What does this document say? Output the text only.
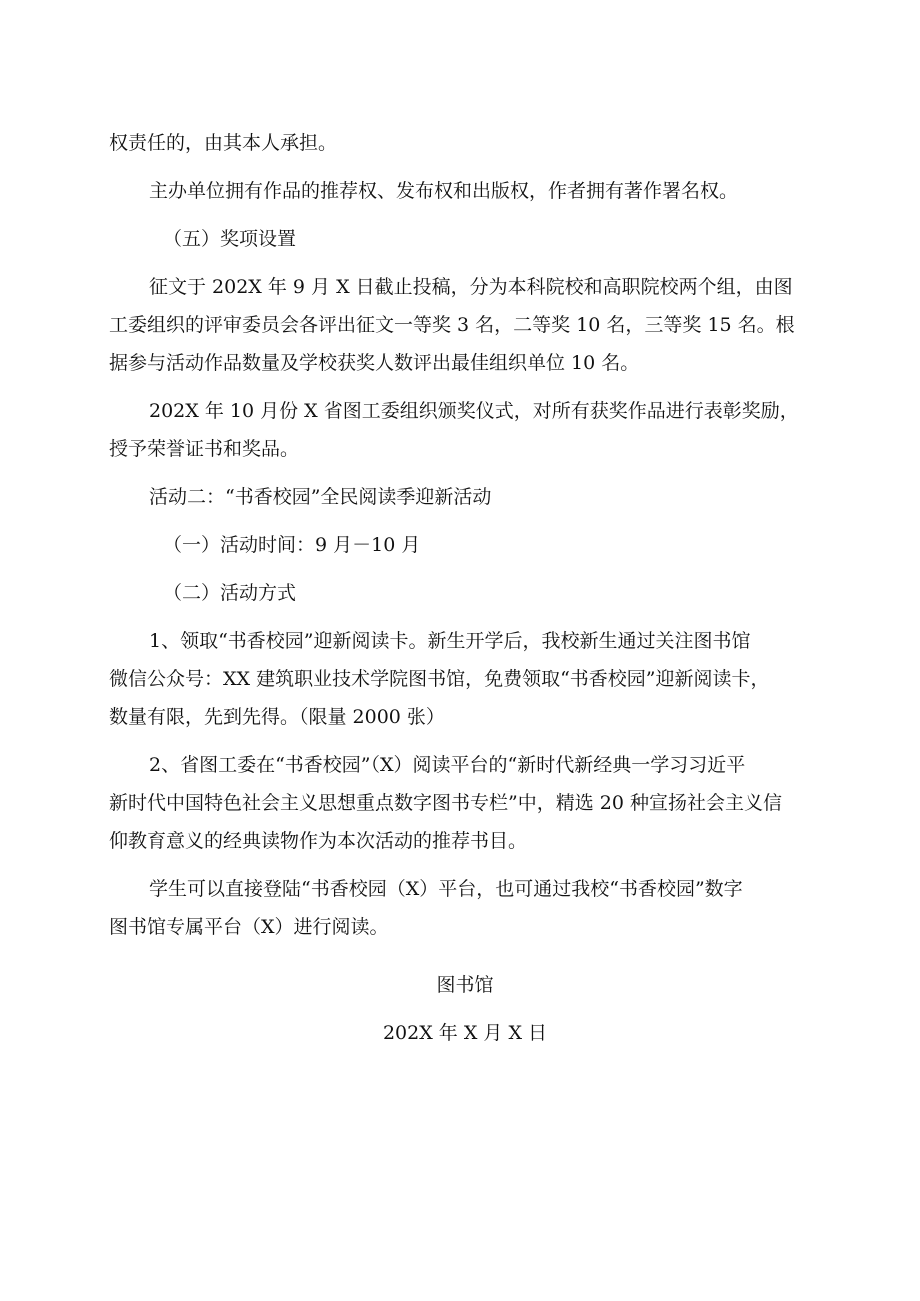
权责任的，由其本人承担。

主办单位拥有作品的推荐权、发布权和出版权，作者拥有著作署名权。

（五）奖项设置

征文于 202X 年 9 月 X 日截止投稿，分为本科院校和高职院校两个组，由图
工委组织的评审委员会各评出征文一等奖 3 名，二等奖 10 名，三等奖 15 名。根
据参与活动作品数量及学校获奖人数评出最佳组织单位 10 名。

202X 年 10 月份 X 省图工委组织颁奖仪式，对所有获奖作品进行表彰奖励，
授予荣誉证书和奖品。

活动二：“书香校园”全民阅读季迎新活动

（一）活动时间：9 月－10 月

（二）活动方式

1、领取“书香校园”迎新阅读卡。新生开学后，我校新生通过关注图书馆
微信公众号：XX 建筑职业技术学院图书馆，免费领取“书香校园”迎新阅读卡，
数量有限，先到先得。（限量 2000 张）

2、省图工委在“书香校园”（X）阅读平台的“新时代新经典一学习习近平
新时代中国特色社会主义思想重点数字图书专栏”中，精选 20 种宣扬社会主义信
仰教育意义的经典读物作为本次活动的推荐书目。

学生可以直接登陆“书香校园（X）平台，也可通过我校“书香校园”数字
图书馆专属平台（X）进行阅读。

图书馆

202X 年 X 月 X 日
